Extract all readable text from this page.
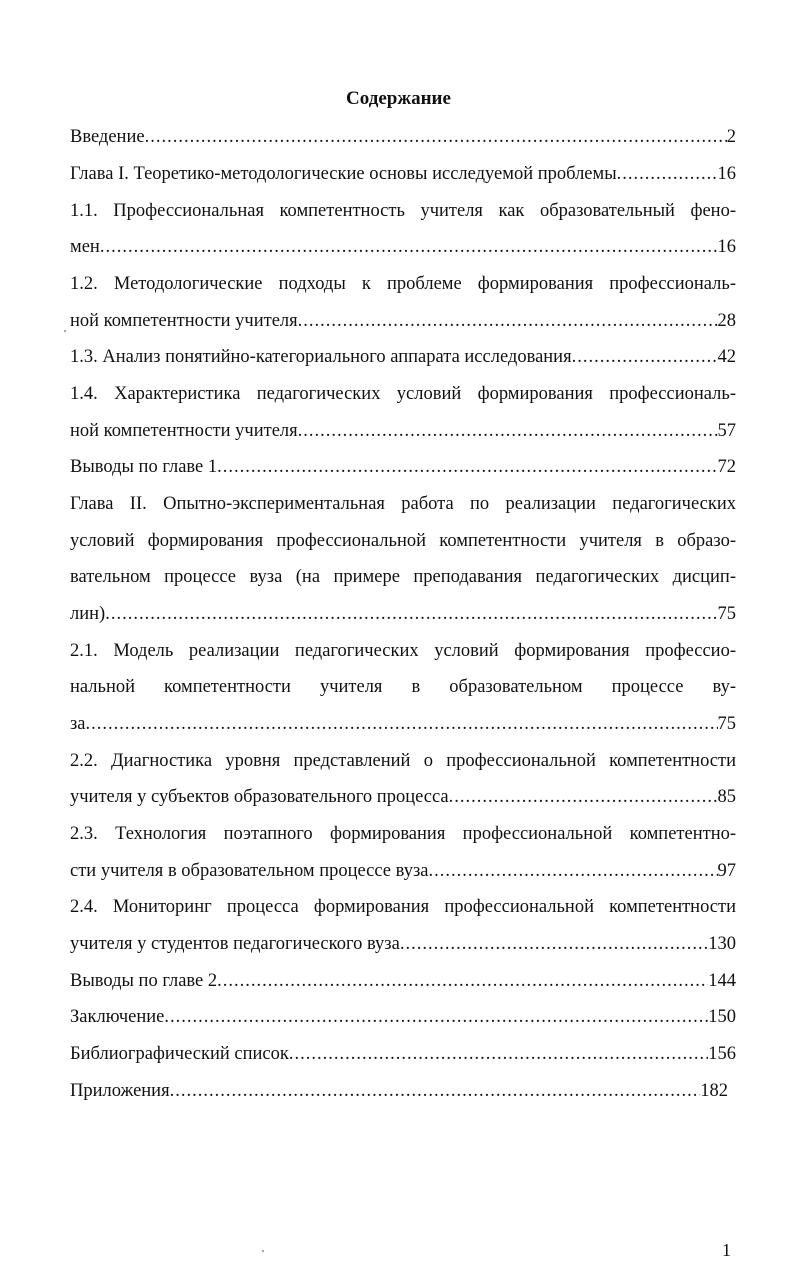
Содержание
Введение .....	2
Глава I. Теоретико-методологические основы исследуемой проблемы .....	16
1.1. Профессиональная компетентность учителя как образовательный фено-
мен .....	16
1.2. Методологические подходы к проблеме формирования профессиональ-
ной компетентности учителя .....	28
1.3. Анализ понятийно-категориального аппарата исследования .....	42
1.4. Характеристика педагогических условий формирования профессиональ-
ной компетентности учителя .....	57
Выводы по главе 1 .....	72
Глава II. Опытно-экспериментальная работа по реализации педагогических
условий формирования профессиональной компетентности учителя в образо-
вательном процессе вуза (на примере преподавания педагогических дисцип-
лин) .....	75
2.1. Модель реализации педагогических условий формирования профессио-
нальной компетентности учителя в образовательном процессе ву-
за .....	75
2.2. Диагностика уровня представлений о профессиональной компетентности
учителя у субъектов образовательного процесса .....	85
2.3. Технология поэтапного формирования профессиональной компетентно-
сти учителя в образовательном процессе вуза .....	97
2.4. Мониторинг процесса формирования профессиональной компетентности
учителя у студентов педагогического вуза .....	130
Выводы по главе 2 .....	144
Заключение .....	150
Библиографический список .....	156
Приложения .....	182
1
